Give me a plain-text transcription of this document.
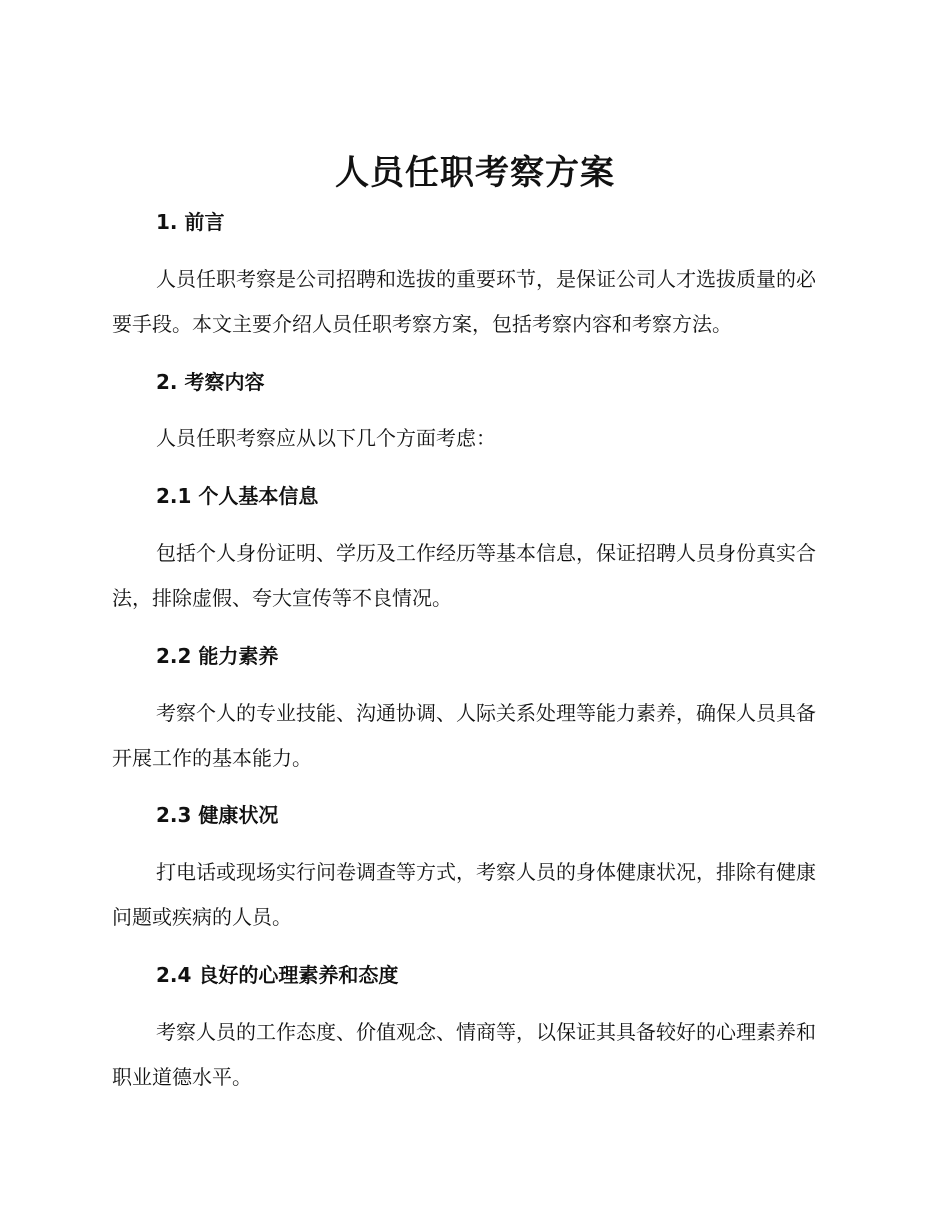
人员任职考察方案
1. 前言
人员任职考察是公司招聘和选拔的重要环节，是保证公司人才选拔质量的必要手段。本文主要介绍人员任职考察方案，包括考察内容和考察方法。
2. 考察内容
人员任职考察应从以下几个方面考虑：
2.1 个人基本信息
包括个人身份证明、学历及工作经历等基本信息，保证招聘人员身份真实合法，排除虚假、夸大宣传等不良情况。
2.2 能力素养
考察个人的专业技能、沟通协调、人际关系处理等能力素养，确保人员具备开展工作的基本能力。
2.3 健康状况
打电话或现场实行问卷调查等方式，考察人员的身体健康状况，排除有健康问题或疾病的人员。
2.4 良好的心理素养和态度
考察人员的工作态度、价值观念、情商等，以保证其具备较好的心理素养和职业道德水平。
